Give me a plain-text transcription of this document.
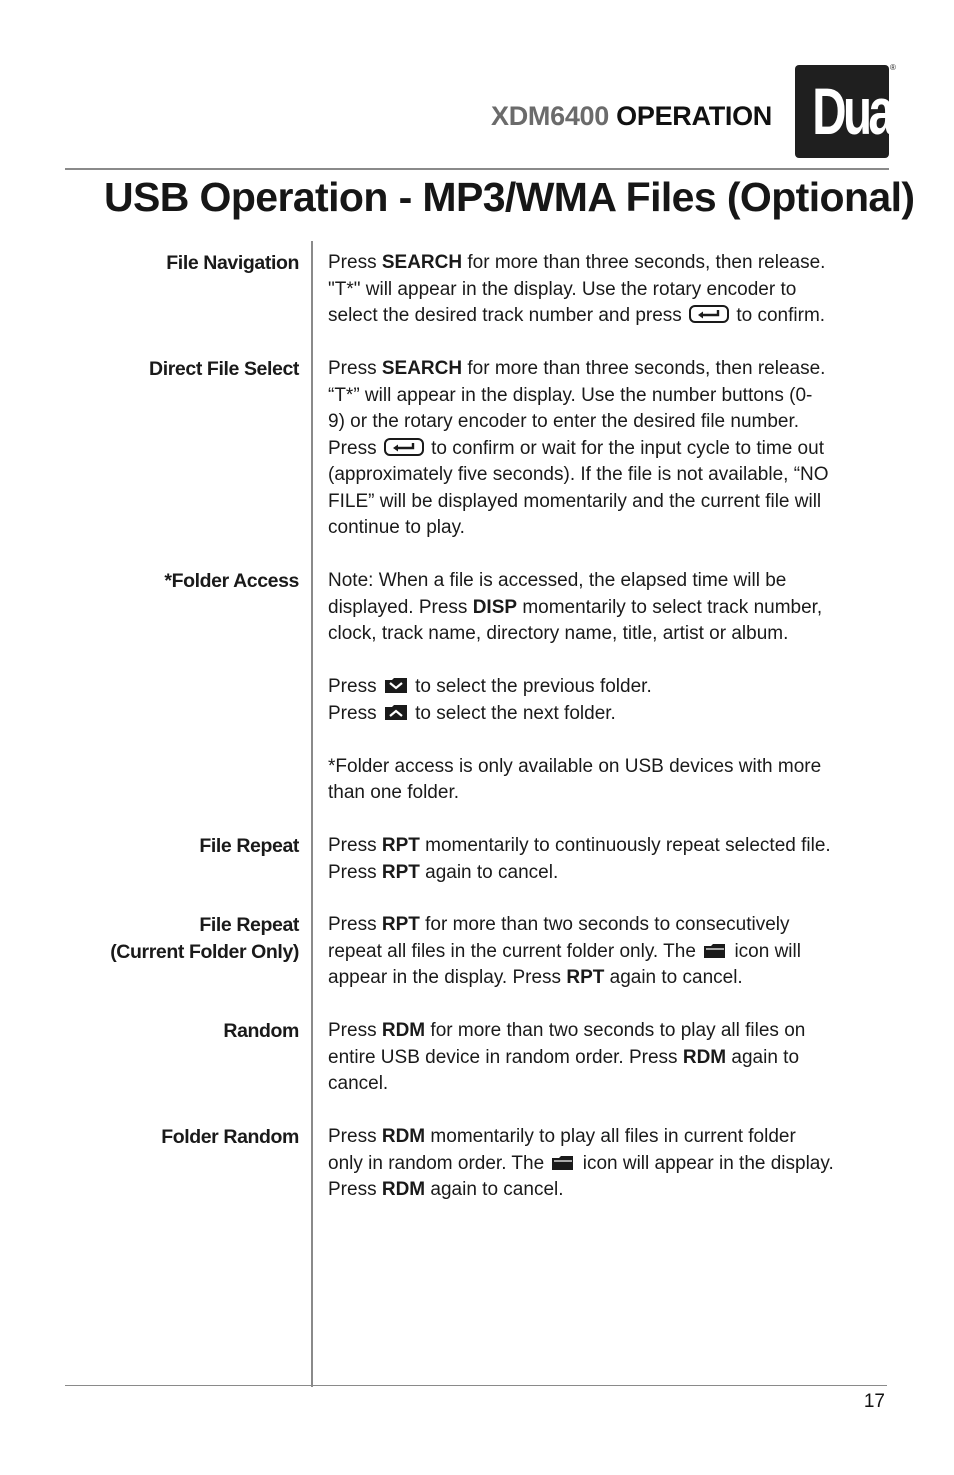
XDM6400 OPERATION Dual
®
USB Operation - MP3/WMA Files (Optional)
File Navigation Press SEARCH for more than three seconds, then release.

"T*" will appear in the display. Use the rotary encoder to

select the desired track number and press  to confirm.

Direct File Select Press SEARCH for more than three seconds, then release.

“T*” will appear in the display. Use the number buttons (0-

9) or the rotary encoder to enter the desired file number.

Press  to confirm or wait for the input cycle to time out

(approximately five seconds). If the file is not available, “NO

FILE” will be displayed momentarily and the current file will

continue to play.

*Folder Access Note: When a file is accessed, the elapsed time will be

displayed. Press DISP momentarily to select track number,

clock, track name, directory name, title, artist or album.

Press  to select the previous folder.

Press  to select the next folder.

*Folder access is only available on USB devices with more

than one folder.

File Repeat Press RPT momentarily to continuously repeat selected file.

Press RPT again to cancel.

File Repeat
(Current Folder Only)

Press RPT for more than two seconds to consecutively

repeat all files in the current folder only. The  icon will

appear in the display. Press RPT again to cancel.

Random Press RDM for more than two seconds to play all files on

entire USB device in random order. Press RDM again to

cancel.

Folder Random Press RDM momentarily to play all files in current folder

only in random order. The  icon will appear in the display.

Press RDM again to cancel.

17
